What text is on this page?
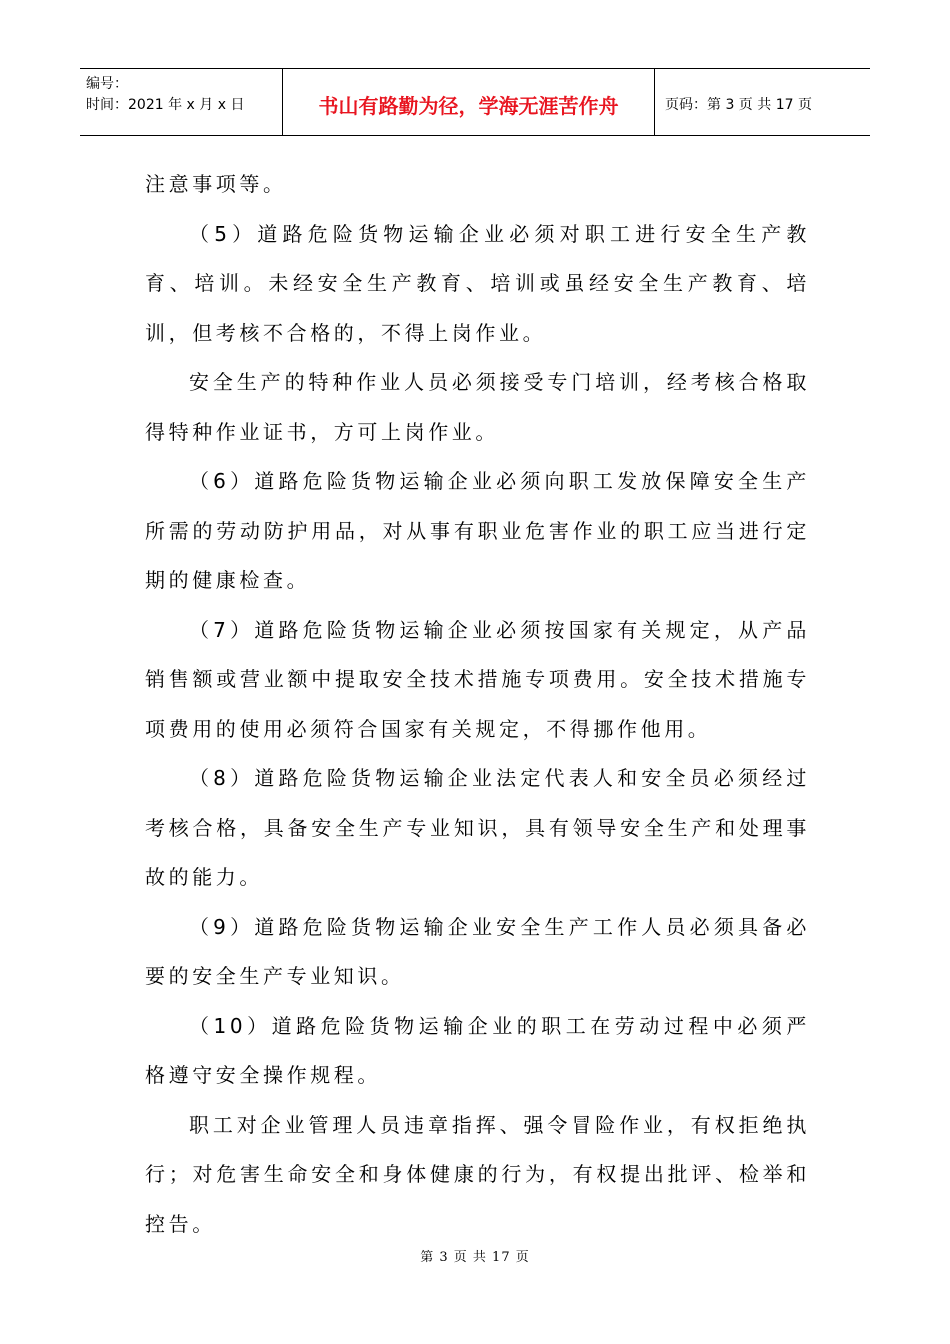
编号：
时间：2021 年 x 月 x 日	书山有路勤为径，学海无涯苦作舟	页码：第 3 页 共 17 页

注意事项等。

（5）道路危险货物运输企业必须对职工进行安全生产教育、培训。未经安全生产教育、培训或虽经安全生产教育、培训，但考核不合格的，不得上岗作业。

安全生产的特种作业人员必须接受专门培训，经考核合格取得特种作业证书，方可上岗作业。

（6）道路危险货物运输企业必须向职工发放保障安全生产所需的劳动防护用品，对从事有职业危害作业的职工应当进行定期的健康检查。

（7）道路危险货物运输企业必须按国家有关规定，从产品销售额或营业额中提取安全技术措施专项费用。安全技术措施专项费用的使用必须符合国家有关规定，不得挪作他用。

（8）道路危险货物运输企业法定代表人和安全员必须经过考核合格，具备安全生产专业知识，具有领导安全生产和处理事故的能力。

（9）道路危险货物运输企业安全生产工作人员必须具备必要的安全生产专业知识。

（10）道路危险货物运输企业的职工在劳动过程中必须严格遵守安全操作规程。

职工对企业管理人员违章指挥、强令冒险作业，有权拒绝执行；对危害生命安全和身体健康的行为，有权提出批评、检举和控告。

第 3 页 共 17 页
